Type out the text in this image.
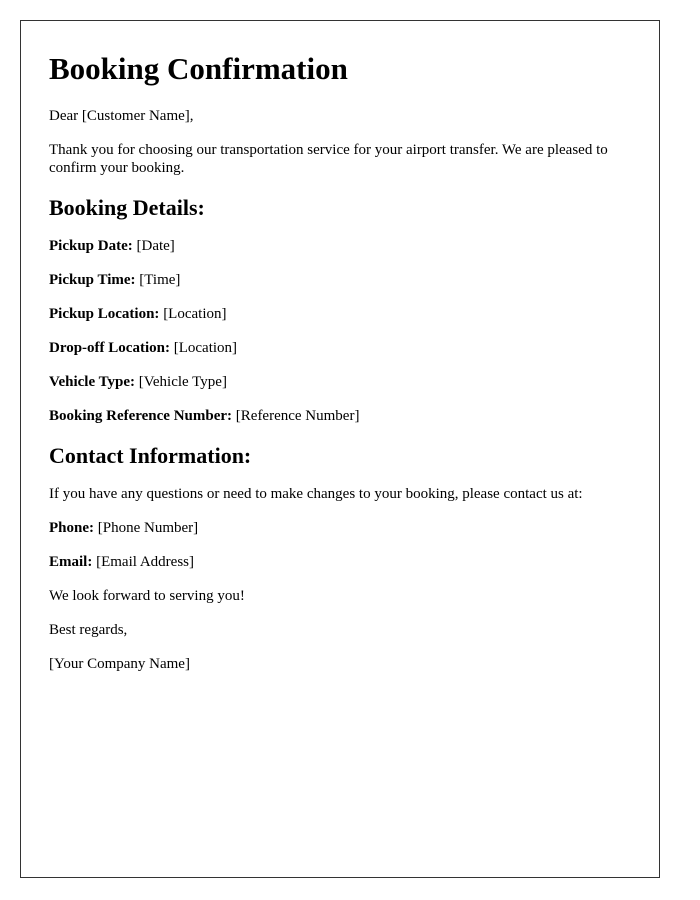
Booking Confirmation

Dear [Customer Name],

Thank you for choosing our transportation service for your airport transfer. We are pleased to confirm your booking.

Booking Details:

Pickup Date: [Date]

Pickup Time: [Time]

Pickup Location: [Location]

Drop-off Location: [Location]

Vehicle Type: [Vehicle Type]

Booking Reference Number: [Reference Number]

Contact Information:

If you have any questions or need to make changes to your booking, please contact us at:

Phone: [Phone Number]

Email: [Email Address]

We look forward to serving you!

Best regards,

[Your Company Name]
